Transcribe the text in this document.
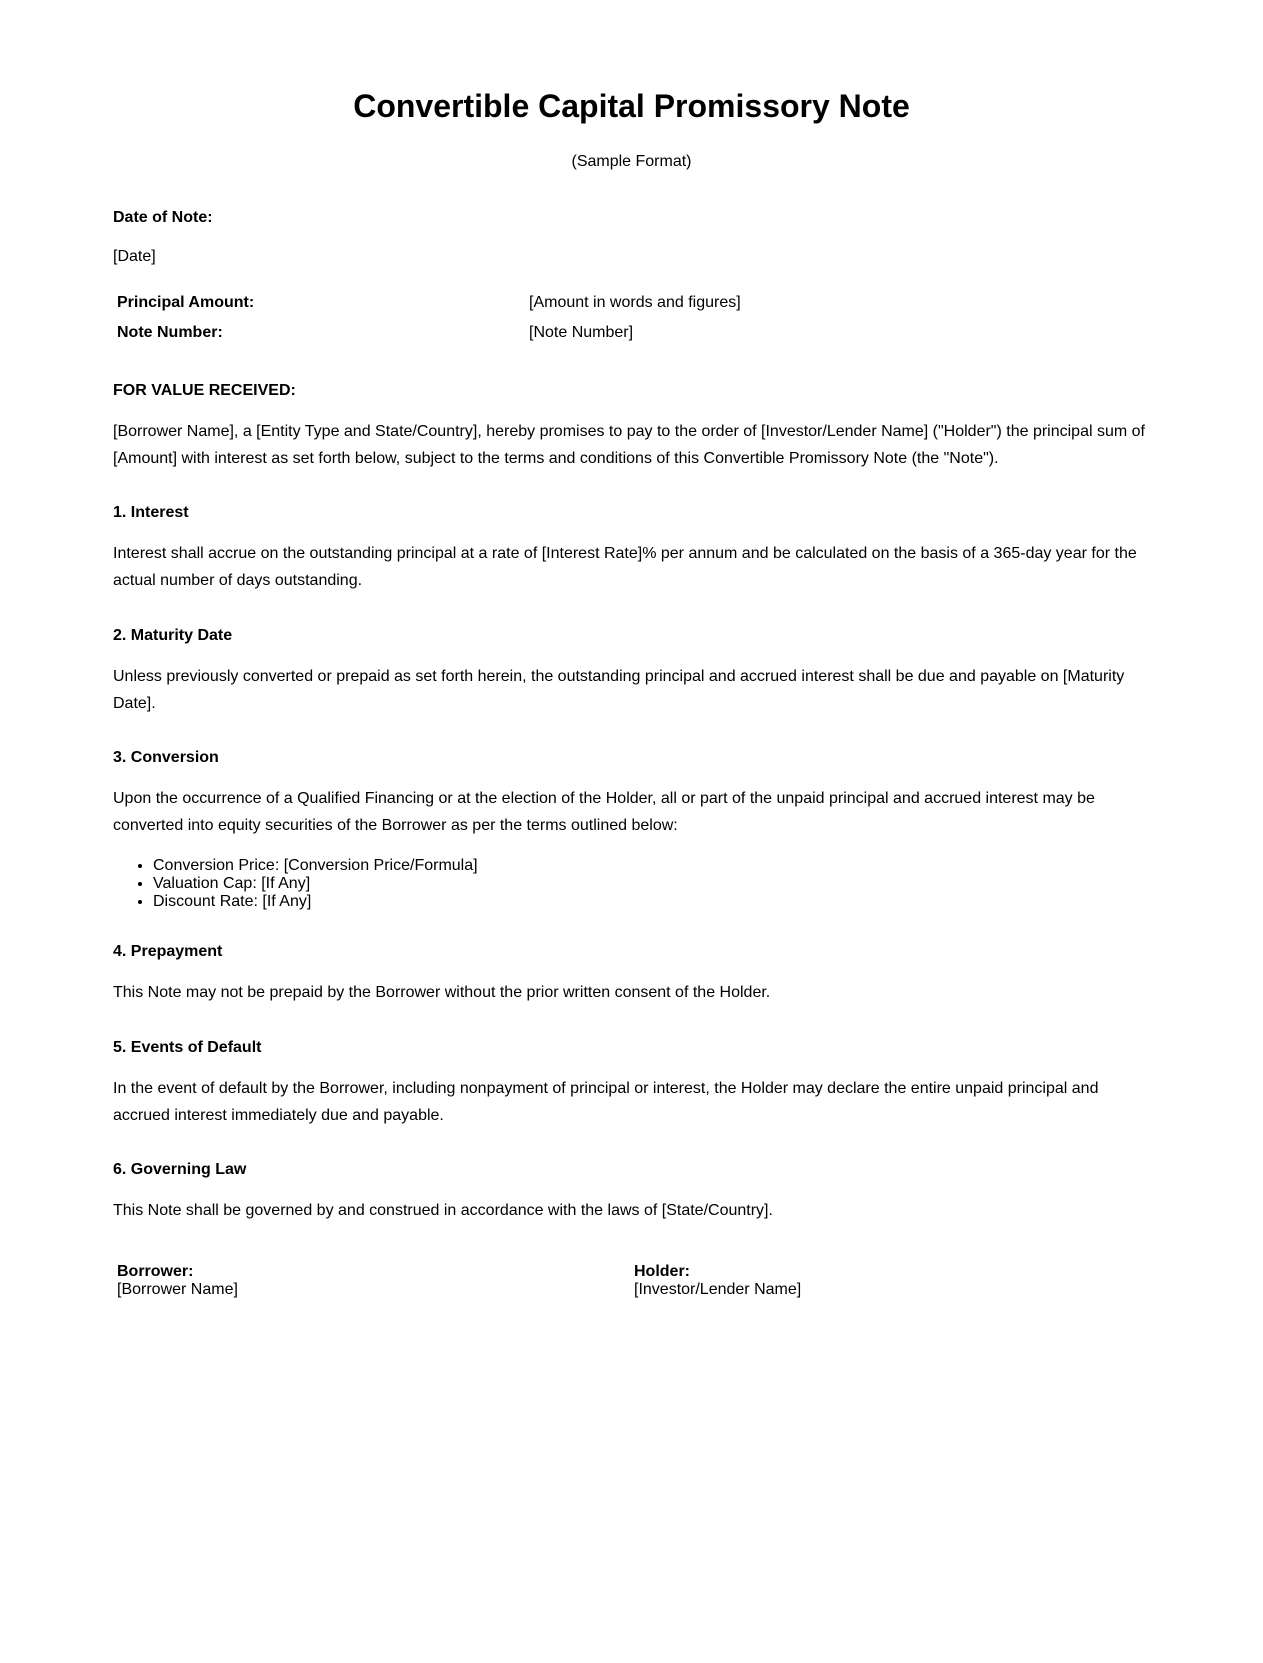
Convertible Capital Promissory Note

(Sample Format)

Date of Note:

[Date]

Principal Amount:	[Amount in words and figures]

Note Number:	[Note Number]

FOR VALUE RECEIVED:

[Borrower Name], a [Entity Type and State/Country], hereby promises to pay to the order of [Investor/Lender Name] ("Holder") the principal sum of [Amount] with interest as set forth below, subject to the terms and conditions of this Convertible Promissory Note (the "Note").

1. Interest

Interest shall accrue on the outstanding principal at a rate of [Interest Rate]% per annum and be calculated on the basis of a 365-day year for the actual number of days outstanding.

2. Maturity Date

Unless previously converted or prepaid as set forth herein, the outstanding principal and accrued interest shall be due and payable on [Maturity Date].

3. Conversion

Upon the occurrence of a Qualified Financing or at the election of the Holder, all or part of the unpaid principal and accrued interest may be converted into equity securities of the Borrower as per the terms outlined below:

• Conversion Price: [Conversion Price/Formula]
• Valuation Cap: [If Any]
• Discount Rate: [If Any]

4. Prepayment

This Note may not be prepaid by the Borrower without the prior written consent of the Holder.

5. Events of Default

In the event of default by the Borrower, including nonpayment of principal or interest, the Holder may declare the entire unpaid principal and accrued interest immediately due and payable.

6. Governing Law

This Note shall be governed by and construed in accordance with the laws of [State/Country].

Borrower:

[Borrower Name]

Holder:

[Investor/Lender Name]
